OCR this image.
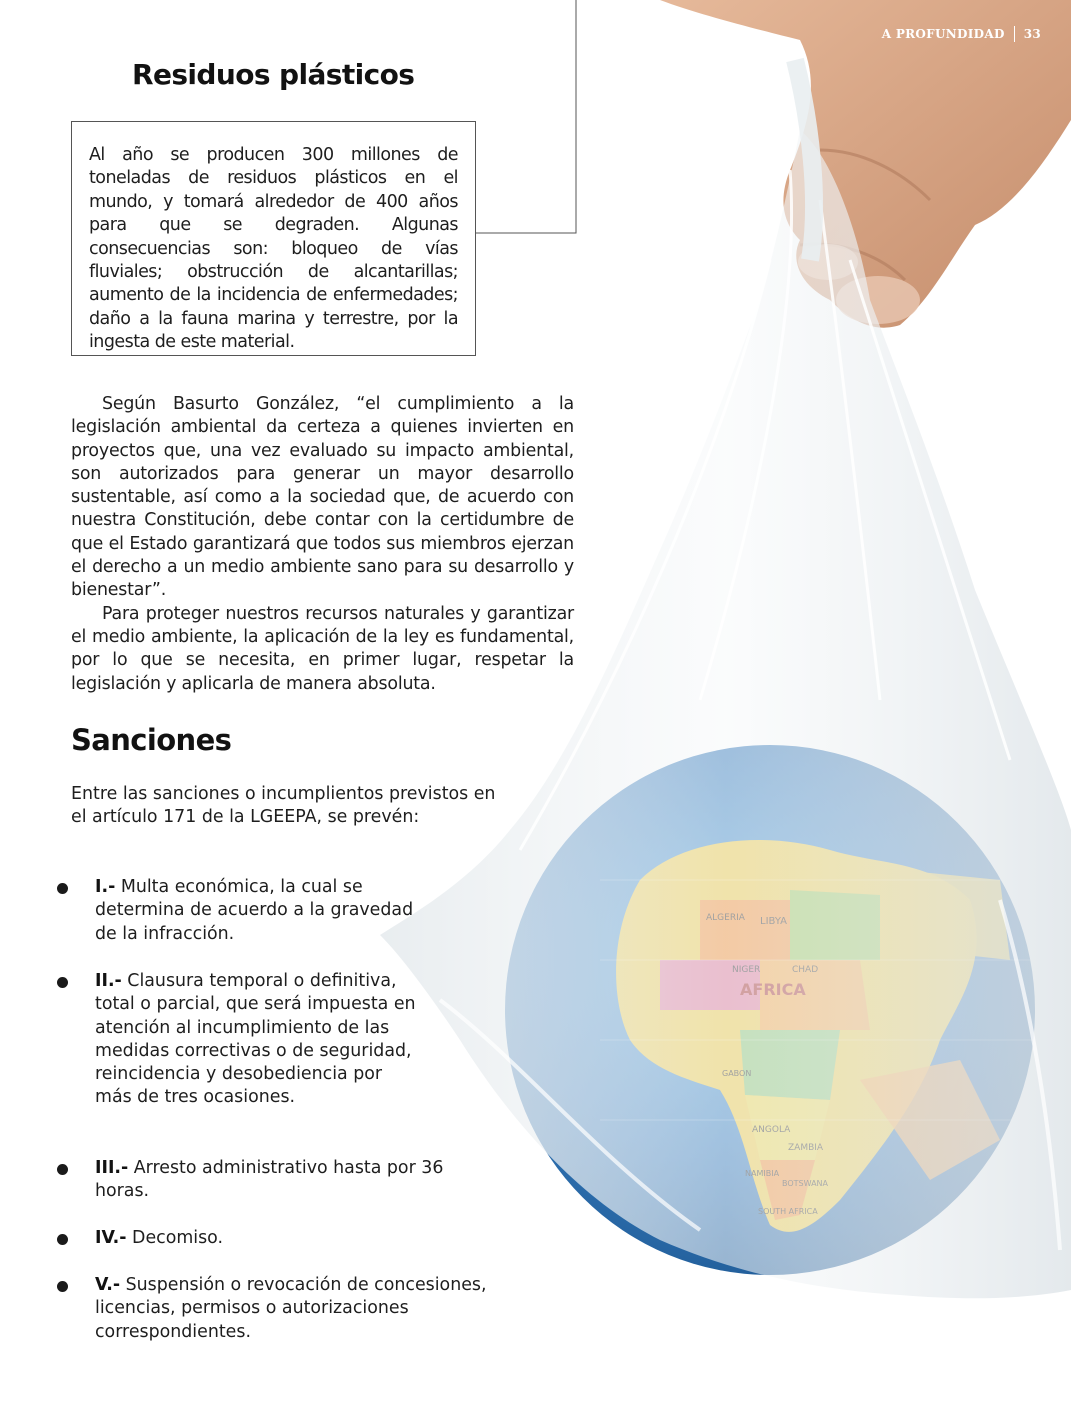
A PROFUNDIDAD 33
Residuos plásticos

Al año se producen 300 millones de toneladas de residuos plásticos en el mundo, y tomará alrededor de 400 años para que se degraden. Algunas consecuencias son: bloqueo de vías fluviales; obstrucción de alcantarillas; aumento de la incidencia de enfermedades; daño a la fauna marina y terrestre, por la ingesta de este material.

Según Basurto González, “el cumplimiento a la legislación ambiental da certeza a quienes invierten en proyectos que, una vez evaluado su impacto ambiental, son autorizados para generar un mayor desarrollo sustentable, así como a la sociedad que, de acuerdo con nuestra Constitución, debe contar con la certidumbre de que el Estado garantizará que todos sus miembros ejerzan el derecho a un medio ambiente sano para su desarrollo y bienestar”.

Para proteger nuestros recursos naturales y garantizar el medio ambiente, la aplicación de la ley es fundamental, por lo que se necesita, en primer lugar, respetar la legislación y aplicarla de manera absoluta.

Sanciones

Entre las sanciones o incumplientos previstos en el artículo 171 de la LGEEPA, se prevén:

I.- Multa económica, la cual se determina de acuerdo a la gravedad de la infracción.
II.- Clausura temporal o definitiva, total o parcial, que será impuesta en atención al incumplimiento de las medidas correctivas o de seguridad, reincidencia y desobediencia por más de tres ocasiones.
III.- Arresto administrativo hasta por 36 horas.
IV.- Decomiso.
V.- Suspensión o revocación de concesiones, licencias, permisos o autorizaciones correspondientes.
